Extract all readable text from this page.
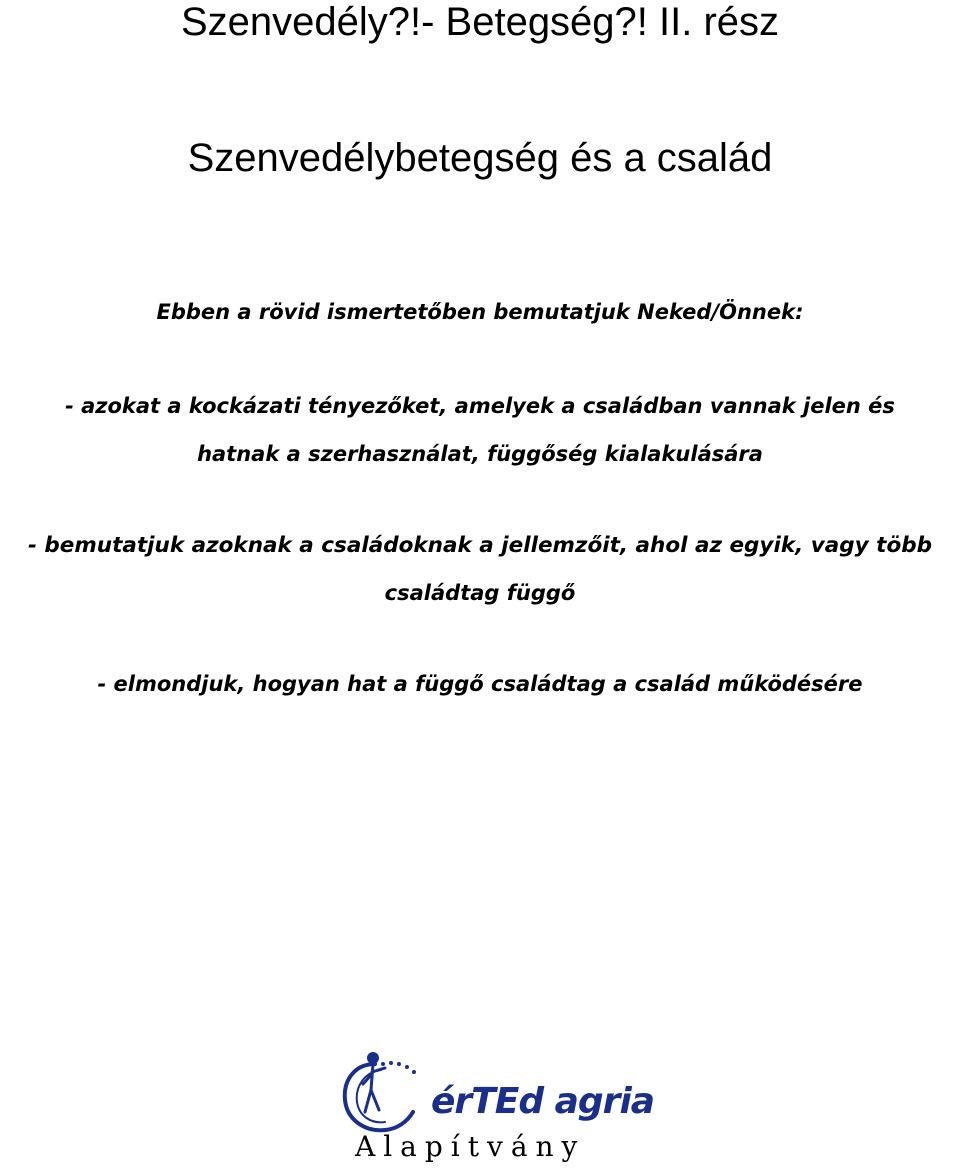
Szenvedély?!- Betegség?! II. rész
Szenvedélybetegség és a család

Ebben a rövid ismertetőben bemutatjuk Neked/Önnek:

- azokat a kockázati tényezőket, amelyek a családban vannak jelen és

hatnak a szerhasználat, függőség kialakulására

- bemutatjuk azoknak a családoknak a jellemzőit, ahol az egyik, vagy több

családtag függő

- elmondjuk, hogyan hat a függő családtag a család működésére

érTEd agria
Alapítvány
